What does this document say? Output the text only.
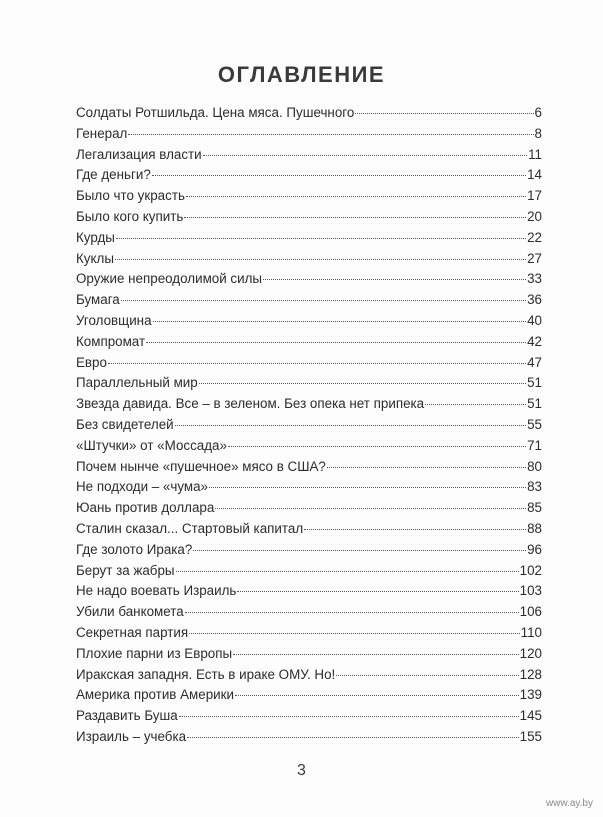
ОГЛАВЛЕНИЕ
Солдаты Ротшильда. Цена мяса. Пушечного	6
Генерал	8
Легализация власти	11
Где деньги?	14
Было что украсть	17
Было кого купить	20
Курды	22
Куклы	27
Оружие непреодолимой силы	33
Бумага	36
Уголовщина	40
Компромат	42
Евро	47
Параллельный мир	51
Звезда давида. Все – в зеленом. Без опека нет припека	51
Без свидетелей	55
«Штучки» от «Моссада»	71
Почем нынче «пушечное» мясо в США?	80
Не подходи – «чума»	83
Юань против доллара	85
Сталин сказал... Стартовый капитал	88
Где золото Ирака?	96
Берут за жабры	102
Не надо воевать Израиль	103
Убили банкомета	106
Секретная партия	110
Плохие парни из Европы	120
Иракская западня. Есть в ираке ОМУ. Но!	128
Америка против Америки	139
Раздавить Буша	145
Израиль – учебка	155
3
www.ay.by
